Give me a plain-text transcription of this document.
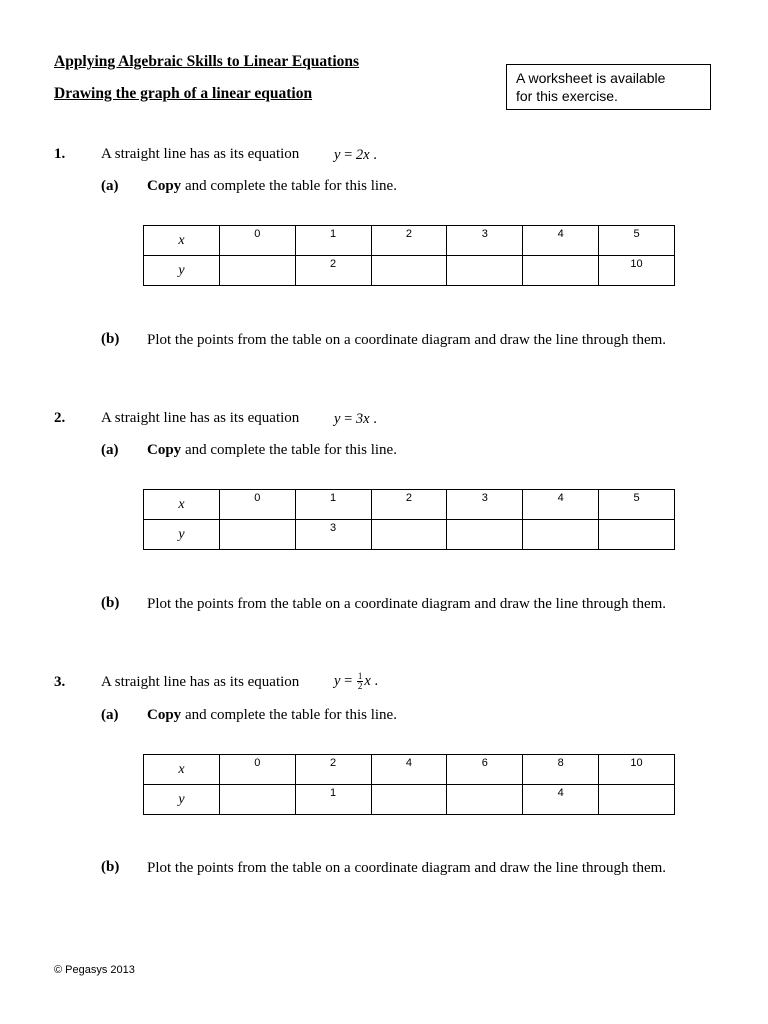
Applying Algebraic Skills to Linear Equations
Drawing the graph of a linear equation
A worksheet is available
for this exercise.
1. A straight line has as its equation y = 2x .
(a) Copy and complete the table for this line.
x	0	1	2	3	4	5
y		2				10
(b) Plot the points from the table on a coordinate diagram and draw the line through them.
2. A straight line has as its equation y = 3x .
(a) Copy and complete the table for this line.
x	0	1	2	3	4	5
y		3				
(b) Plot the points from the table on a coordinate diagram and draw the line through them.
3. A straight line has as its equation $y = \frac{1}{2}$ x .
(a) Copy and complete the table for this line.
x	0	2	4	6	8	10
y		1			4	
(b) Plot the points from the table on a coordinate diagram and draw the line through them.
© Pegasys 2013
